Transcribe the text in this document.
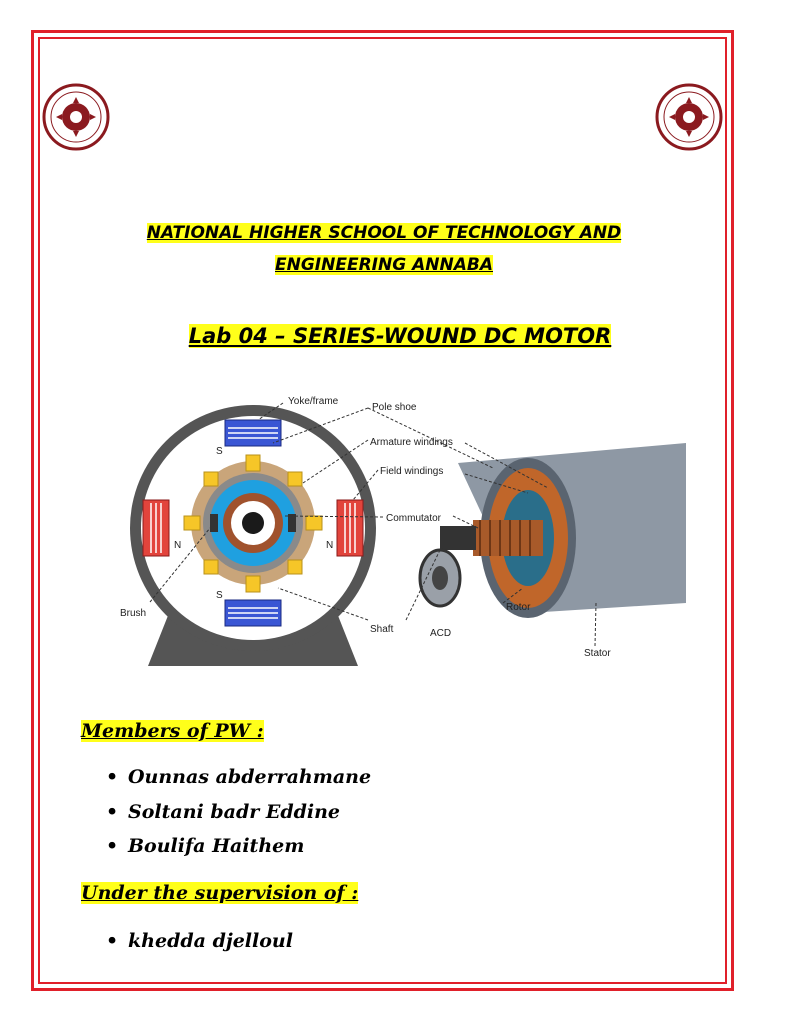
NATIONAL HIGHER SCHOOL OF TECHNOLOGY AND
ENGINEERING ANNABA
Lab 04 – SERIES-WOUND DC MOTOR
S
S
N	N
Yoke/frame
Pole shoe
Armature windings
Field windings
Commutator
Brush
Shaft
Rotor
Stator
ACD
Members of PW :
• Ounnas abderrahmane
• Soltani badr Eddine
• Boulifa Haithem
Under the supervision of :
• khedda djelloul
